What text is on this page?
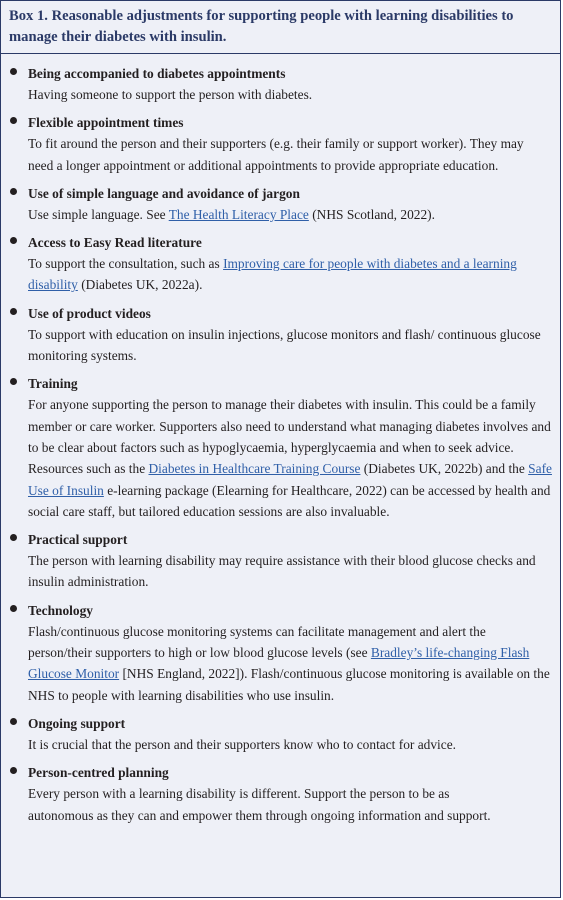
Box 1. Reasonable adjustments for supporting people with learning disabilities to manage their diabetes with insulin.

Being accompanied to diabetes appointments
Having someone to support the person with diabetes.
Flexible appointment times
To fit around the person and their supporters (e.g. their family or support worker). They may need a longer appointment or additional appointments to provide appropriate education.
Use of simple language and avoidance of jargon
Use simple language. See The Health Literacy Place (NHS Scotland, 2022).
Access to Easy Read literature
To support the consultation, such as Improving care for people with diabetes and a learning disability (Diabetes UK, 2022a).
Use of product videos
To support with education on insulin injections, glucose monitors and flash/ continuous glucose monitoring systems.
Training
For anyone supporting the person to manage their diabetes with insulin. This could be a family member or care worker. Supporters also need to understand what managing diabetes involves and to be clear about factors such as hypoglycaemia, hyperglycaemia and when to seek advice. Resources such as the Diabetes in Healthcare Training Course (Diabetes UK, 2022b) and the Safe Use of Insulin e-learning package (Elearning for Healthcare, 2022) can be accessed by health and social care staff, but tailored education sessions are also invaluable.
Practical support
The person with learning disability may require assistance with their blood glucose checks and insulin administration.
Technology
Flash/continuous glucose monitoring systems can facilitate management and alert the person/their supporters to high or low blood glucose levels (see Bradley’s life-changing Flash Glucose Monitor [NHS England, 2022]). Flash/continuous glucose monitoring is available on the NHS to people with learning disabilities who use insulin.
Ongoing support
It is crucial that the person and their supporters know who to contact for advice.
Person-centred planning
Every person with a learning disability is different. Support the person to be as autonomous as they can and empower them through ongoing information and support.
